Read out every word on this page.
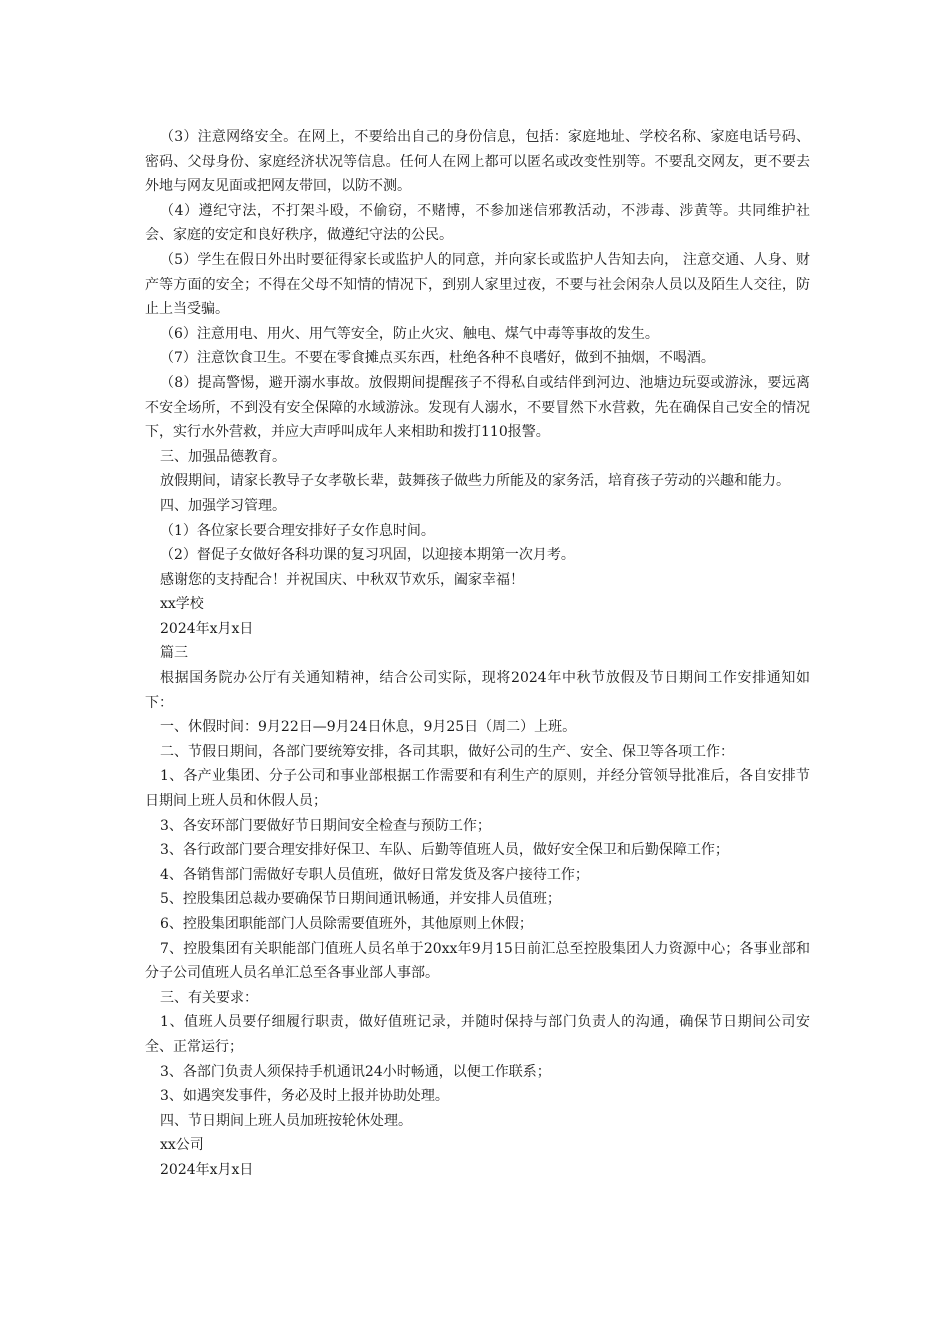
（3）注意网络安全。在网上，不要给出自己的身份信息，包括：家庭地址、学校名称、家庭电话号码、密码、父母身份、家庭经济状况等信息。任何人在网上都可以匿名或改变性别等。不要乱交网友，更不要去外地与网友见面或把网友带回，以防不测。

（4）遵纪守法，不打架斗殴，不偷窃，不赌博，不参加迷信邪教活动，不涉毒、涉黄等。共同维护社会、家庭的安定和良好秩序，做遵纪守法的公民。

（5）学生在假日外出时要征得家长或监护人的同意，并向家长或监护人告知去向， 注意交通、人身、财产等方面的安全；不得在父母不知情的情况下，到别人家里过夜，不要与社会闲杂人员以及陌生人交往，防止上当受骗。

（6）注意用电、用火、用气等安全，防止火灾、触电、煤气中毒等事故的发生。

（7）注意饮食卫生。不要在零食摊点买东西，杜绝各种不良嗜好，做到不抽烟，不喝酒。

（8）提高警惕，避开溺水事故。放假期间提醒孩子不得私自或结伴到河边、池塘边玩耍或游泳，要远离不安全场所，不到没有安全保障的水域游泳。发现有人溺水，不要冒然下水营救，先在确保自己安全的情况下，实行水外营救，并应大声呼叫成年人来相助和拨打110报警。

三、加强品德教育。

放假期间，请家长教导子女孝敬长辈，鼓舞孩子做些力所能及的家务活，培育孩子劳动的兴趣和能力。

四、加强学习管理。

（1）各位家长要合理安排好子女作息时间。

（2）督促子女做好各科功课的复习巩固，以迎接本期第一次月考。

感谢您的支持配合！并祝国庆、中秋双节欢乐，阖家幸福！

xx学校

2024年x月x日

篇三

根据国务院办公厅有关通知精神，结合公司实际，现将2024年中秋节放假及节日期间工作安排通知如下：

一、休假时间：9月22日—9月24日休息，9月25日（周二）上班。

二、节假日期间，各部门要统筹安排，各司其职，做好公司的生产、安全、保卫等各项工作：

1、各产业集团、分子公司和事业部根据工作需要和有利生产的原则，并经分管领导批准后，各自安排节日期间上班人员和休假人员；

3、各安环部门要做好节日期间安全检查与预防工作；

3、各行政部门要合理安排好保卫、车队、后勤等值班人员，做好安全保卫和后勤保障工作；

4、各销售部门需做好专职人员值班，做好日常发货及客户接待工作；

5、控股集团总裁办要确保节日期间通讯畅通，并安排人员值班；

6、控股集团职能部门人员除需要值班外，其他原则上休假；

7、控股集团有关职能部门值班人员名单于20xx年9月15日前汇总至控股集团人力资源中心；各事业部和分子公司值班人员名单汇总至各事业部人事部。

三、有关要求：

1、值班人员要仔细履行职责，做好值班记录，并随时保持与部门负责人的沟通，确保节日期间公司安全、正常运行；

3、各部门负责人须保持手机通讯24小时畅通，以便工作联系；

3、如遇突发事件，务必及时上报并协助处理。

四、节日期间上班人员加班按轮休处理。

xx公司

2024年x月x日
